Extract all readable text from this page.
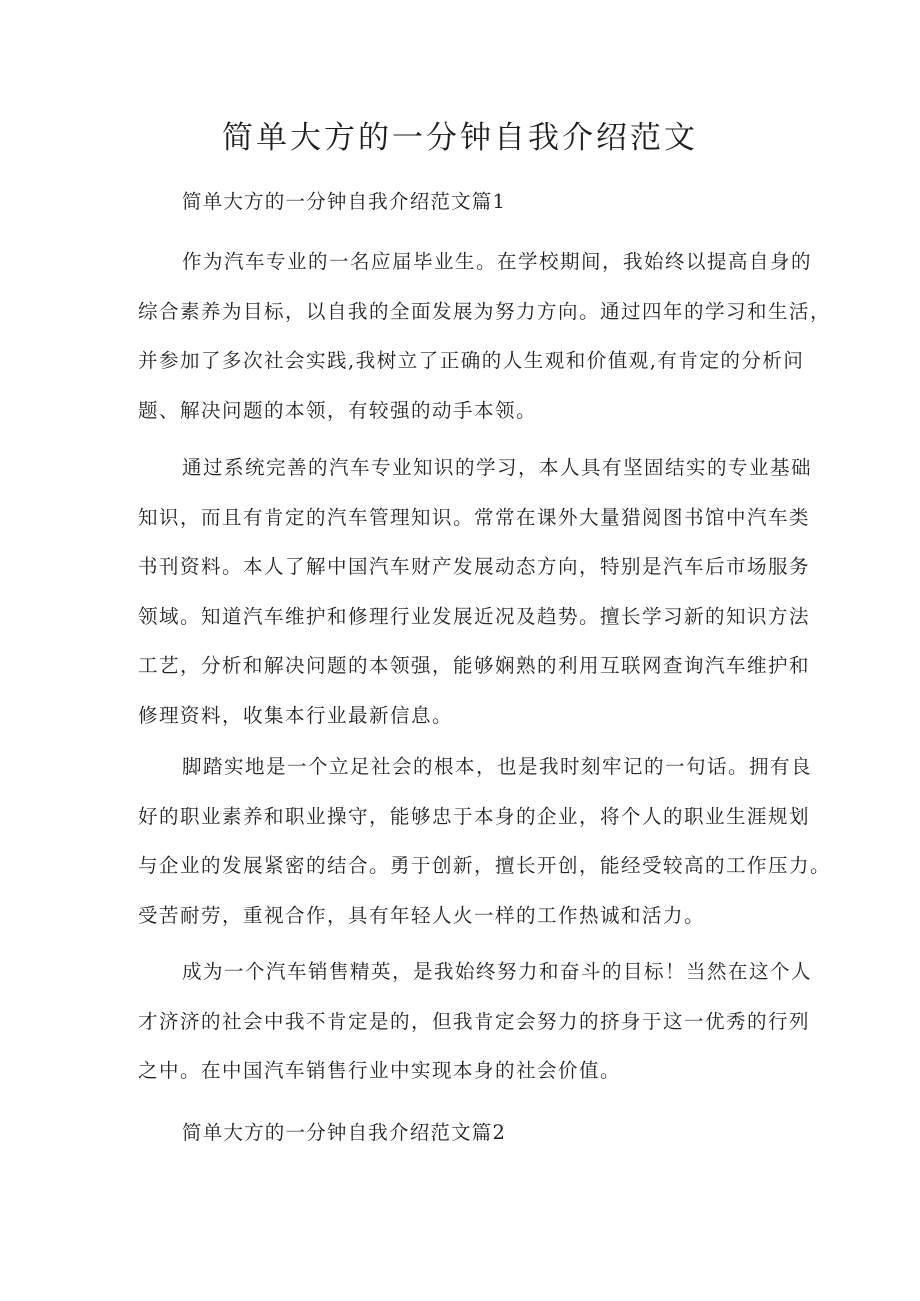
简单大方的一分钟自我介绍范文
简单大方的一分钟自我介绍范文篇1
作为汽车专业的一名应届毕业生。在学校期间，我始终以提高自身的
综合素养为目标，以自我的全面发展为努力方向。通过四年的学习和生活，
并参加了多次社会实践,我树立了正确的人生观和价值观,有肯定的分析问
题、解决问题的本领，有较强的动手本领。
通过系统完善的汽车专业知识的学习，本人具有坚固结实的专业基础
知识，而且有肯定的汽车管理知识。常常在课外大量猎阅图书馆中汽车类
书刊资料。本人了解中国汽车财产发展动态方向，特别是汽车后市场服务
领域。知道汽车维护和修理行业发展近况及趋势。擅长学习新的知识方法
工艺，分析和解决问题的本领强，能够娴熟的利用互联网查询汽车维护和
修理资料，收集本行业最新信息。
脚踏实地是一个立足社会的根本，也是我时刻牢记的一句话。拥有良
好的职业素养和职业操守，能够忠于本身的企业，将个人的职业生涯规划
与企业的发展紧密的结合。勇于创新，擅长开创，能经受较高的工作压力。
受苦耐劳，重视合作，具有年轻人火一样的工作热诚和活力。
成为一个汽车销售精英，是我始终努力和奋斗的目标！当然在这个人
才济济的社会中我不肯定是的，但我肯定会努力的挤身于这一优秀的行列
之中。在中国汽车销售行业中实现本身的社会价值。
简单大方的一分钟自我介绍范文篇2
